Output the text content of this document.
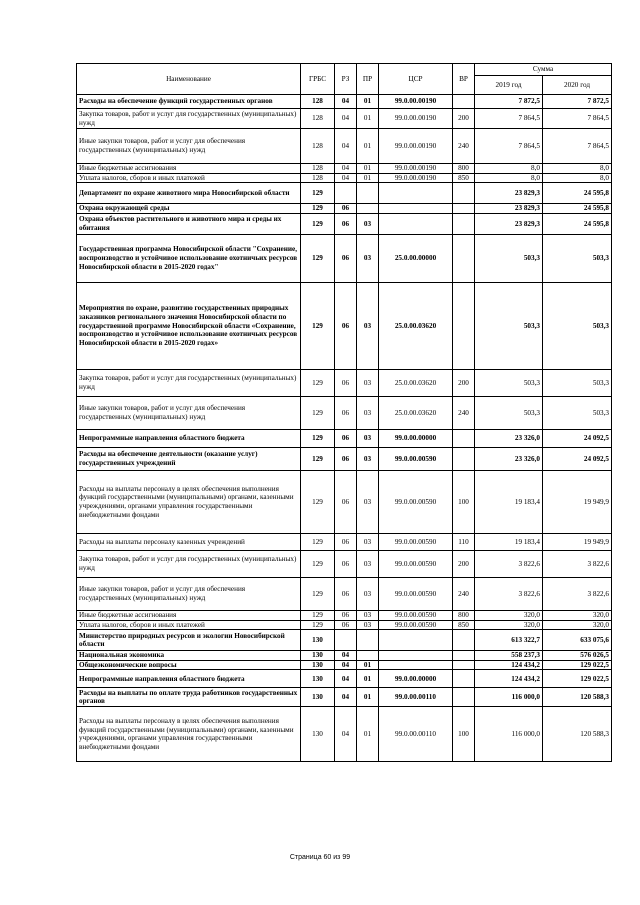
Наименование	ГРБС	РЗ	ПР	ЦСР	ВР	Сумма	
						2019 год	2020 год
Расходы на обеспечение функций государственных органов	128	04	01	99.0.00.00190		7 872,5	7 872,5
Закупка товаров, работ и услуг для государственных (муниципальных) нужд	128	04	01	99.0.00.00190	200	7 864,5	7 864,5
Иные закупки товаров, работ и услуг для обеспечения государственных (муниципальных) нужд	128	04	01	99.0.00.00190	240	7 864,5	7 864,5
Иные бюджетные ассигнования	128	04	01	99.0.00.00190	800	8,0	8,0
Уплата налогов, сборов и иных платежей	128	04	01	99.0.00.00190	850	8,0	8,0
Департамент по охране животного мира Новосибирской области	129					23 829,3	24 595,8
Охрана окружающей среды	129	06				23 829,3	24 595,8
Охрана объектов растительного и животного мира и среды их обитания	129	06	03			23 829,3	24 595,8
Государственная программа Новосибирской области "Сохранение, воспроизводство и устойчивое использование охотничьих ресурсов Новосибирской области в 2015-2020 годах"	129	06	03	25.0.00.00000		503,3	503,3
Мероприятия по охране, развитию государственных природных заказников регионального значения Новосибирской области по государственной программе Новосибирской области «Сохранение, воспроизводство и устойчивое использование охотничьих ресурсов Новосибирской области в 2015-2020 годах»	129	06	03	25.0.00.03620		503,3	503,3
Закупка товаров, работ и услуг для государственных (муниципальных) нужд	129	06	03	25.0.00.03620	200	503,3	503,3
Иные закупки товаров, работ и услуг для обеспечения государственных (муниципальных) нужд	129	06	03	25.0.00.03620	240	503,3	503,3
Непрограммные направления областного бюджета	129	06	03	99.0.00.00000		23 326,0	24 092,5
Расходы на обеспечение деятельности (оказание услуг) государственных учреждений	129	06	03	99.0.00.00590		23 326,0	24 092,5
Расходы на выплаты персоналу в целях обеспечения выполнения функций государственными (муниципальными) органами, казенными учреждениями, органами управления государственными внебюджетными фондами	129	06	03	99.0.00.00590	100	19 183,4	19 949,9
Расходы на выплаты персоналу казенных учреждений	129	06	03	99.0.00.00590	110	19 183,4	19 949,9
Закупка товаров, работ и услуг для государственных (муниципальных) нужд	129	06	03	99.0.00.00590	200	3 822,6	3 822,6
Иные закупки товаров, работ и услуг для обеспечения государственных (муниципальных) нужд	129	06	03	99.0.00.00590	240	3 822,6	3 822,6
Иные бюджетные ассигнования	129	06	03	99.0.00.00590	800	320,0	320,0
Уплата налогов, сборов и иных платежей	129	06	03	99.0.00.00590	850	320,0	320,0
Министерство природных ресурсов и экологии Новосибирской области	130					613 322,7	633 075,6
Национальная экономика	130	04				558 237,3	576 026,5
Общеэкономические вопросы	130	04	01			124 434,2	129 022,5
Непрограммные направления областного бюджета	130	04	01	99.0.00.00000		124 434,2	129 022,5
Расходы на выплаты по оплате труда работников государственных органов	130	04	01	99.0.00.00110		116 000,0	120 588,3
Расходы на выплаты персоналу в целях обеспечения выполнения функций государственными (муниципальными) органами, казенными учреждениями, органами управления государственными внебюджетными фондами	130	04	01	99.0.00.00110	100	116 000,0	120 588,3
Страница 60 из 99
